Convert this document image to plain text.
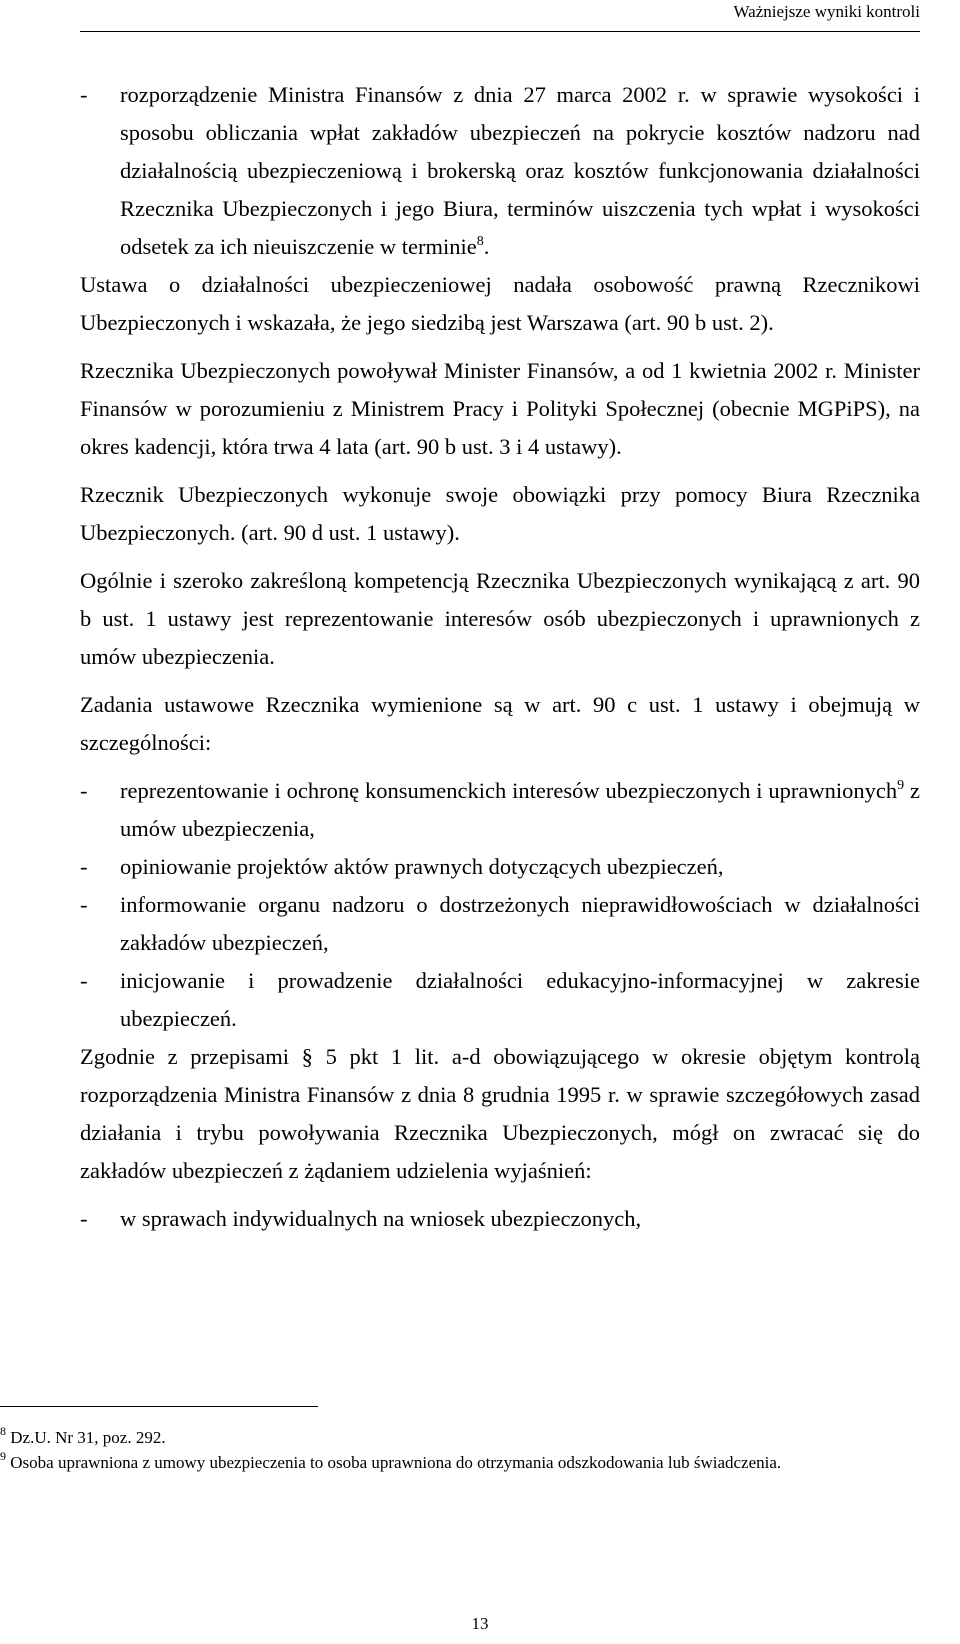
Ważniejsze wyniki kontroli
- rozporządzenie Ministra Finansów z dnia 27 marca 2002 r. w sprawie wysokości i sposobu obliczania wpłat zakładów ubezpieczeń na pokrycie kosztów nadzoru nad działalnością ubezpieczeniową i brokerską oraz kosztów funkcjonowania działalności Rzecznika Ubezpieczonych i jego Biura, terminów uiszczenia tych wpłat i wysokości odsetek za ich nieuiszczenie w terminie$^8$.

Ustawa o działalności ubezpieczeniowej nadała osobowość prawną Rzecznikowi Ubezpieczonych i wskazała, że jego siedzibą jest Warszawa (art. 90 b ust. 2).

Rzecznika Ubezpieczonych powoływał Minister Finansów, a od 1 kwietnia 2002 r. Minister Finansów w porozumieniu z Ministrem Pracy i Polityki Społecznej (obecnie MGPiPS), na okres kadencji, która trwa 4 lata (art. 90 b ust. 3 i 4 ustawy).

Rzecznik Ubezpieczonych wykonuje swoje obowiązki przy pomocy Biura Rzecznika Ubezpieczonych. (art. 90 d ust. 1 ustawy).

Ogólnie i szeroko zakreśloną kompetencją Rzecznika Ubezpieczonych wynikającą z art. 90 b ust. 1 ustawy jest reprezentowanie interesów osób ubezpieczonych i uprawnionych z umów ubezpieczenia.

Zadania ustawowe Rzecznika wymienione są w art. 90 c ust. 1 ustawy i obejmują w szczególności:

- reprezentowanie i ochronę konsumenckich interesów ubezpieczonych i uprawnionych$^9$ z umów ubezpieczenia,
- opiniowanie projektów aktów prawnych dotyczących ubezpieczeń,
- informowanie organu nadzoru o dostrzeżonych nieprawidłowościach w działalności zakładów ubezpieczeń,
- inicjowanie i prowadzenie działalności edukacyjno-informacyjnej w zakresie ubezpieczeń.

Zgodnie z przepisami § 5 pkt 1 lit. a-d obowiązującego w okresie objętym kontrolą rozporządzenia Ministra Finansów z dnia 8 grudnia 1995 r. w sprawie szczegółowych zasad działania i trybu powoływania Rzecznika Ubezpieczonych, mógł on zwracać się do zakładów ubezpieczeń z żądaniem udzielenia wyjaśnień:

- w sprawach indywidualnych na wniosek ubezpieczonych,

$^8$ Dz.U. Nr 31, poz. 292.

$^9$ Osoba uprawniona z umowy ubezpieczenia to osoba uprawniona do otrzymania odszkodowania lub świadczenia.

13
